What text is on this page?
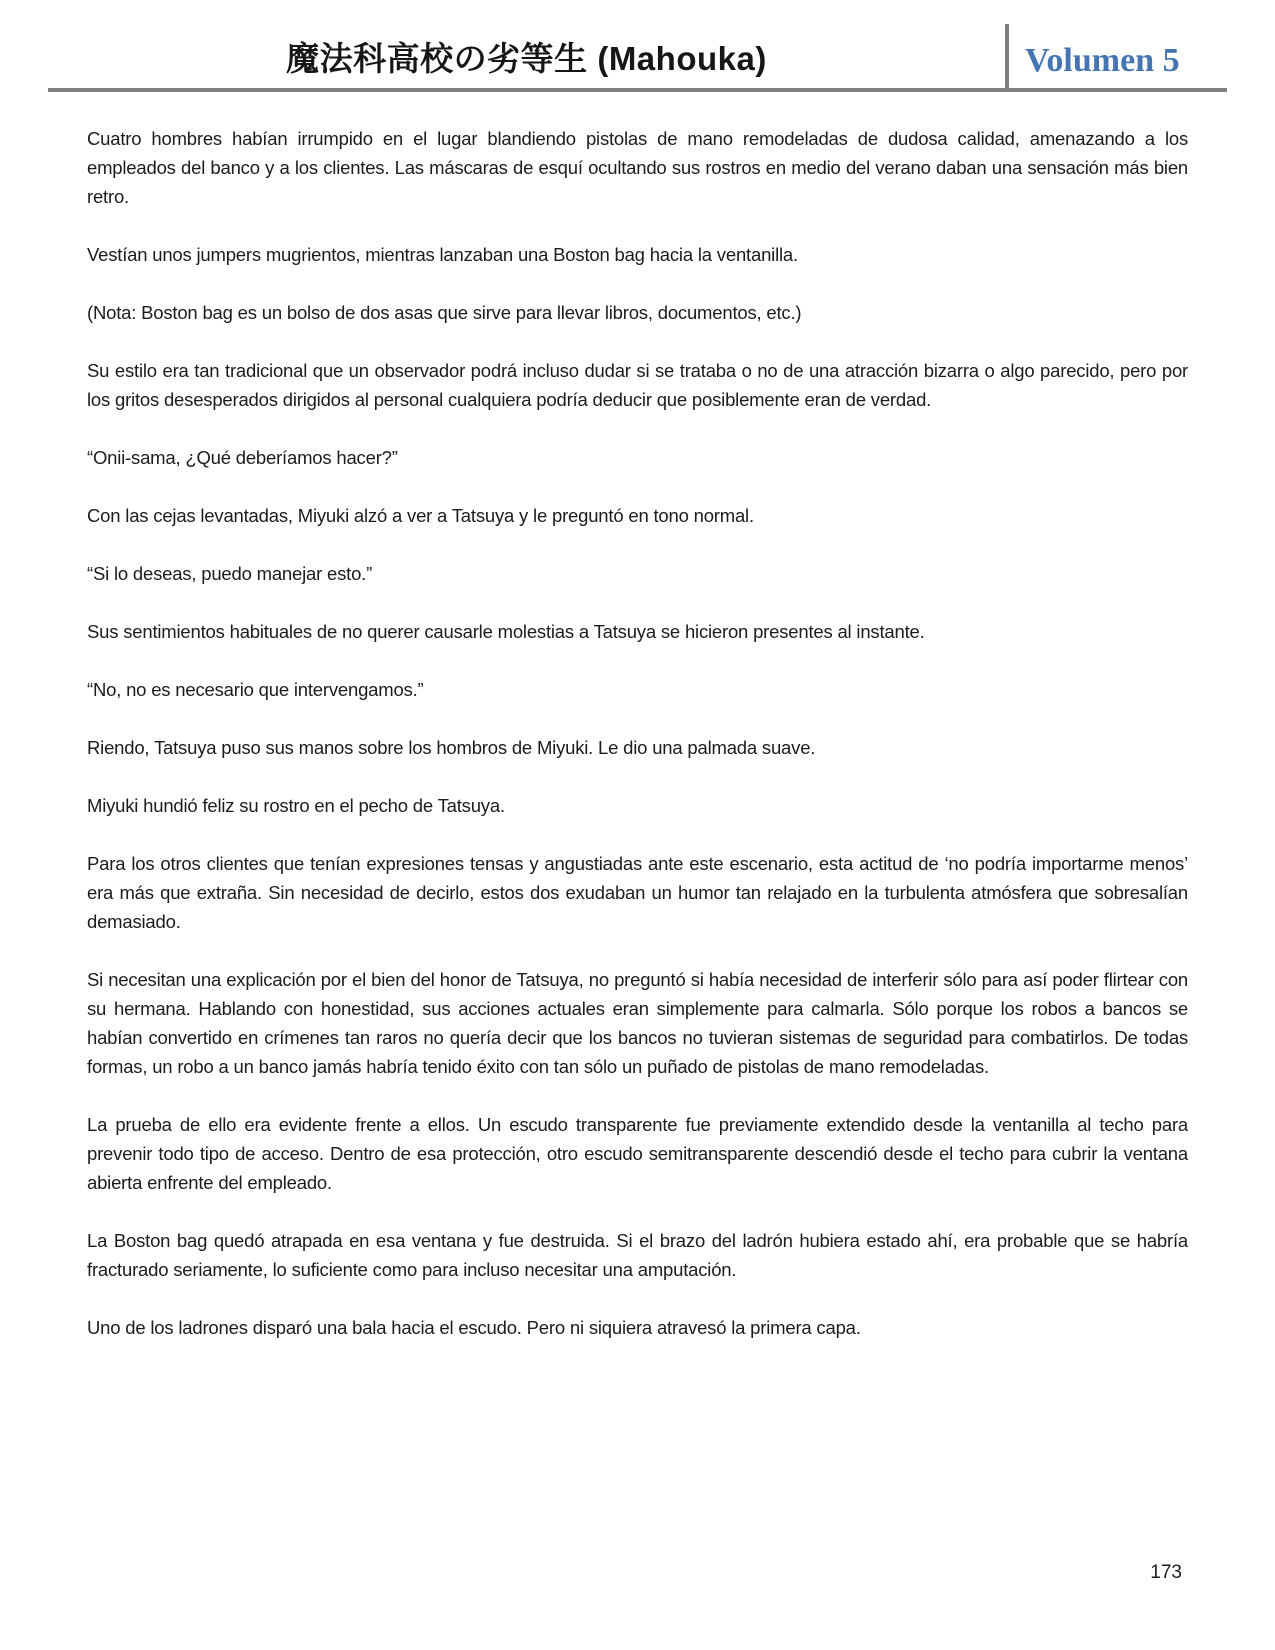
魔法科高校の劣等生 (Mahouka)	Volumen 5

Cuatro hombres habían irrumpido en el lugar blandiendo pistolas de mano remodeladas de dudosa calidad, amenazando a los empleados del banco y a los clientes. Las máscaras de esquí ocultando sus rostros en medio del verano daban una sensación más bien retro.

Vestían unos jumpers mugrientos, mientras lanzaban una Boston bag hacia la ventanilla.

(Nota: Boston bag es un bolso de dos asas que sirve para llevar libros, documentos, etc.)

Su estilo era tan tradicional que un observador podrá incluso dudar si se trataba o no de una atracción bizarra o algo parecido, pero por los gritos desesperados dirigidos al personal cualquiera podría deducir que posiblemente eran de verdad.

“Onii-sama, ¿Qué deberíamos hacer?”

Con las cejas levantadas, Miyuki alzó a ver a Tatsuya y le preguntó en tono normal.

“Si lo deseas, puedo manejar esto.”

Sus sentimientos habituales de no querer causarle molestias a Tatsuya se hicieron presentes al instante.

“No, no es necesario que intervengamos.”

Riendo, Tatsuya puso sus manos sobre los hombros de Miyuki. Le dio una palmada suave.

Miyuki hundió feliz su rostro en el pecho de Tatsuya.

Para los otros clientes que tenían expresiones tensas y angustiadas ante este escenario, esta actitud de ‘no podría importarme menos’ era más que extraña. Sin necesidad de decirlo, estos dos exudaban un humor tan relajado en la turbulenta atmósfera que sobresalían demasiado.

Si necesitan una explicación por el bien del honor de Tatsuya, no preguntó si había necesidad de interferir sólo para así poder flirtear con su hermana. Hablando con honestidad, sus acciones actuales eran simplemente para calmarla. Sólo porque los robos a bancos se habían convertido en crímenes tan raros no quería decir que los bancos no tuvieran sistemas de seguridad para combatirlos. De todas formas, un robo a un banco jamás habría tenido éxito con tan sólo un puñado de pistolas de mano remodeladas.

La prueba de ello era evidente frente a ellos. Un escudo transparente fue previamente extendido desde la ventanilla al techo para prevenir todo tipo de acceso. Dentro de esa protección, otro escudo semitransparente descendió desde el techo para cubrir la ventana abierta enfrente del empleado.

La Boston bag quedó atrapada en esa ventana y fue destruida. Si el brazo del ladrón hubiera estado ahí, era probable que se habría fracturado seriamente, lo suficiente como para incluso necesitar una amputación.

Uno de los ladrones disparó una bala hacia el escudo. Pero ni siquiera atravesó la primera capa.

173
